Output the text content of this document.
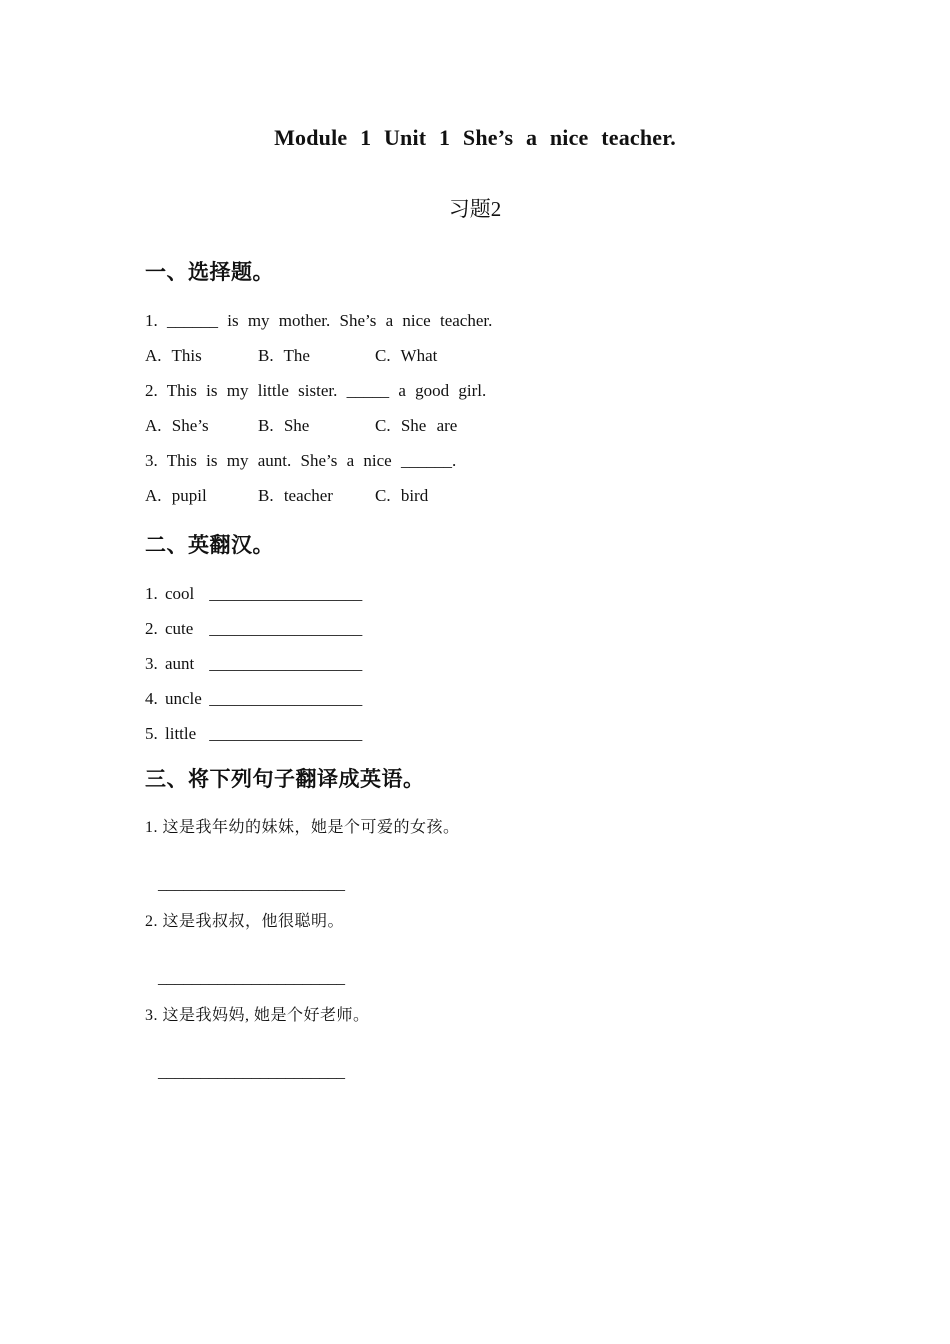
Module 1 Unit 1 She’s a nice teacher.
习题2
一、选择题。
1. ______ is my mother. She’s a nice teacher.
A. This	B. The	C. What
2. This is my little sister. _____ a good girl.
A. She’s	B. She	C. She are
3. This is my aunt. She’s a nice ______.
A. pupil	B. teacher	C. bird
二、英翻汉。
1. cool __________________
2. cute __________________
3. aunt __________________
4. uncle __________________
5. little __________________
三、将下列句子翻译成英语。
1. 这是我年幼的妹妹，她是个可爱的女孩。
______________________
2. 这是我叔叔，他很聪明。
______________________
3. 这是我妈妈, 她是个好老师。
______________________
